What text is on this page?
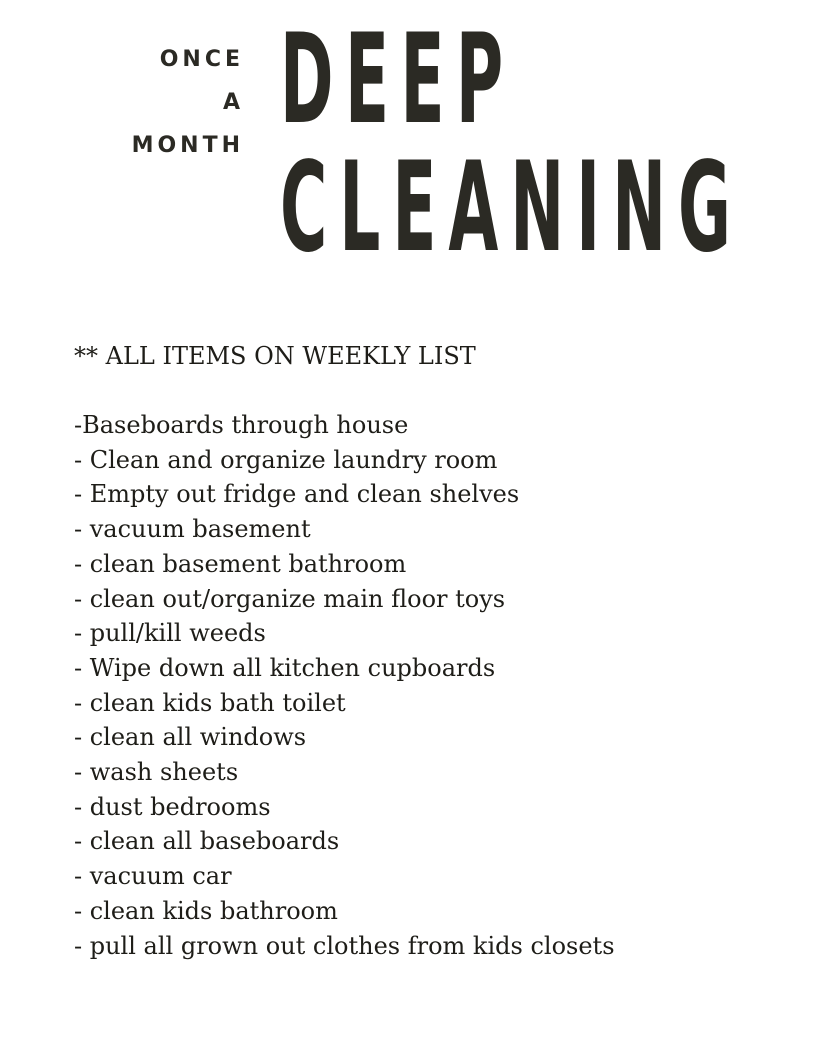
ONCE
A
MONTH DEEP
CLEANING
** ALL ITEMS ON WEEKLY LIST
-Baseboards through house
- Clean and organize laundry room
- Empty out fridge and clean shelves
- vacuum basement
- clean basement bathroom
- clean out/organize main floor toys
- pull/kill weeds
- Wipe down all kitchen cupboards
- clean kids bath toilet
- clean all windows
- wash sheets
- dust bedrooms
- clean all baseboards
- vacuum car
- clean kids bathroom
- pull all grown out clothes from kids closets
